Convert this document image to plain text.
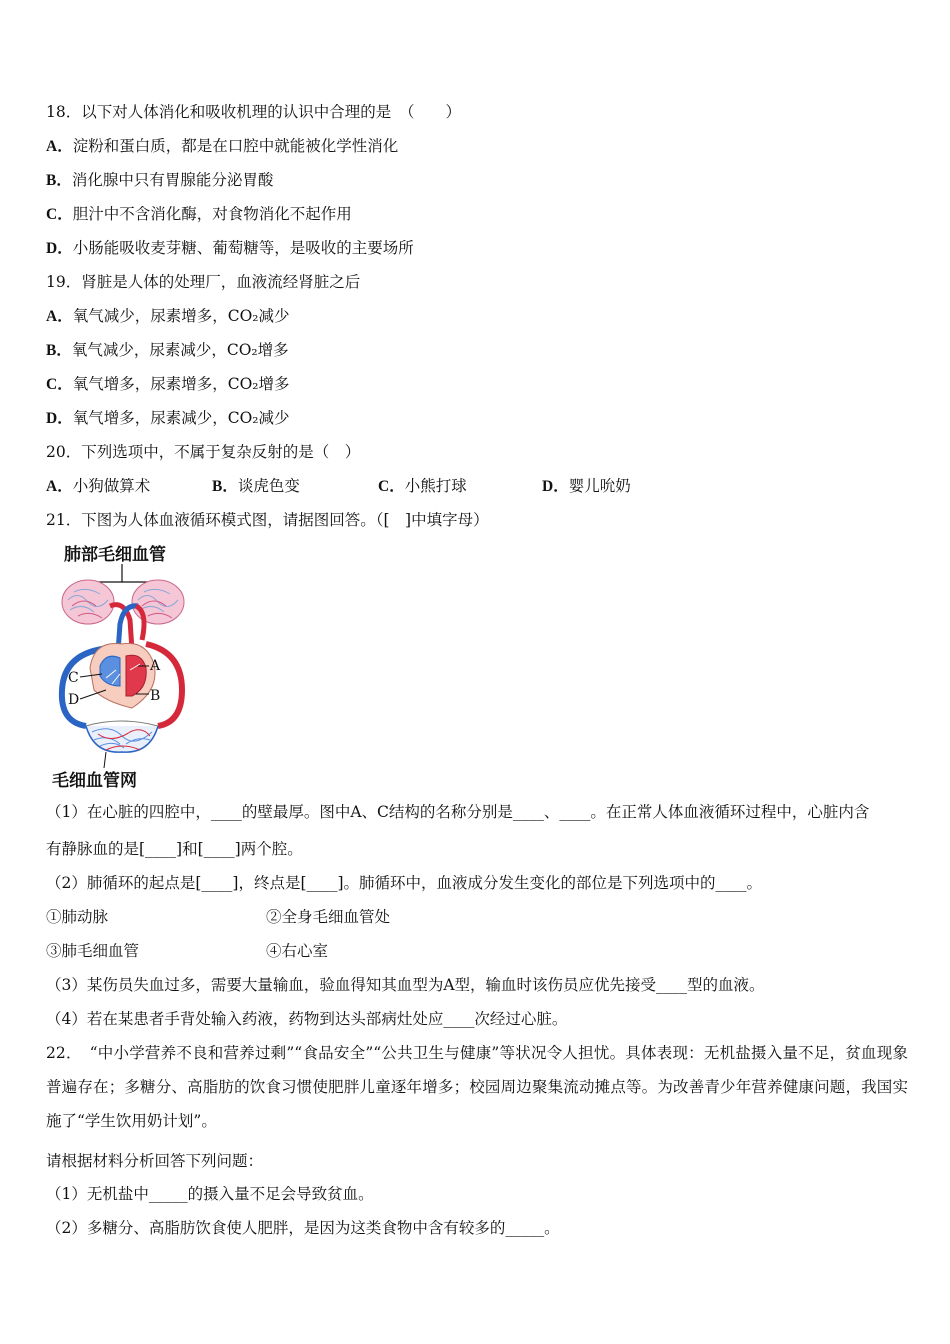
18．以下对人体消化和吸收机理的认识中合理的是　（　　）
A．淀粉和蛋白质，都是在口腔中就能被化学性消化
B．消化腺中只有胃腺能分泌胃酸
C．胆汁中不含消化酶，对食物消化不起作用
D．小肠能吸收麦芽糖、葡萄糖等，是吸收的主要场所
19．肾脏是人体的处理厂，血液流经肾脏之后
A．氧气减少，尿素增多，CO₂减少
B．氧气减少，尿素减少，CO₂增多
C．氧气增多，尿素增多，CO₂增多
D．氧气增多，尿素减少，CO₂减少
20．下列选项中，不属于复杂反射的是（　）
A．小狗做算术	B．谈虎色变	C．小熊打球	D．婴儿吮奶
21．下图为人体血液循环模式图，请据图回答。（[　]中填字母）
肺部毛细血管
A
B
C
D
毛细血管网
（1）在心脏的四腔中，____的壁最厚。图中A、C结构的名称分别是____、____。在正常人体血液循环过程中，心脏内含
有静脉血的是[____]和[____]两个腔。
（2）肺循环的起点是[____]，终点是[____]。肺循环中，血液成分发生变化的部位是下列选项中的____。
①肺动脉	②全身毛细血管处
③肺毛细血管	④右心室
（3）某伤员失血过多，需要大量输血，验血得知其血型为A型，输血时该伤员应优先接受____型的血液。
（4）若在某患者手背处输入药液，药物到达头部病灶处应____次经过心脏。
22．　“中小学营养不良和营养过剩”“食品安全”“公共卫生与健康”等状况令人担忧。具体表现：无机盐摄入量不足，贫血现象普遍存在；多糖分、高脂肪的饮食习惯使肥胖儿童逐年增多；校园周边聚集流动摊点等。为改善青少年营养健康问题，我国实施了“学生饮用奶计划”。
请根据材料分析回答下列问题：
（1）无机盐中_____的摄入量不足会导致贫血。
（2）多糖分、高脂肪饮食使人肥胖，是因为这类食物中含有较多的_____。
